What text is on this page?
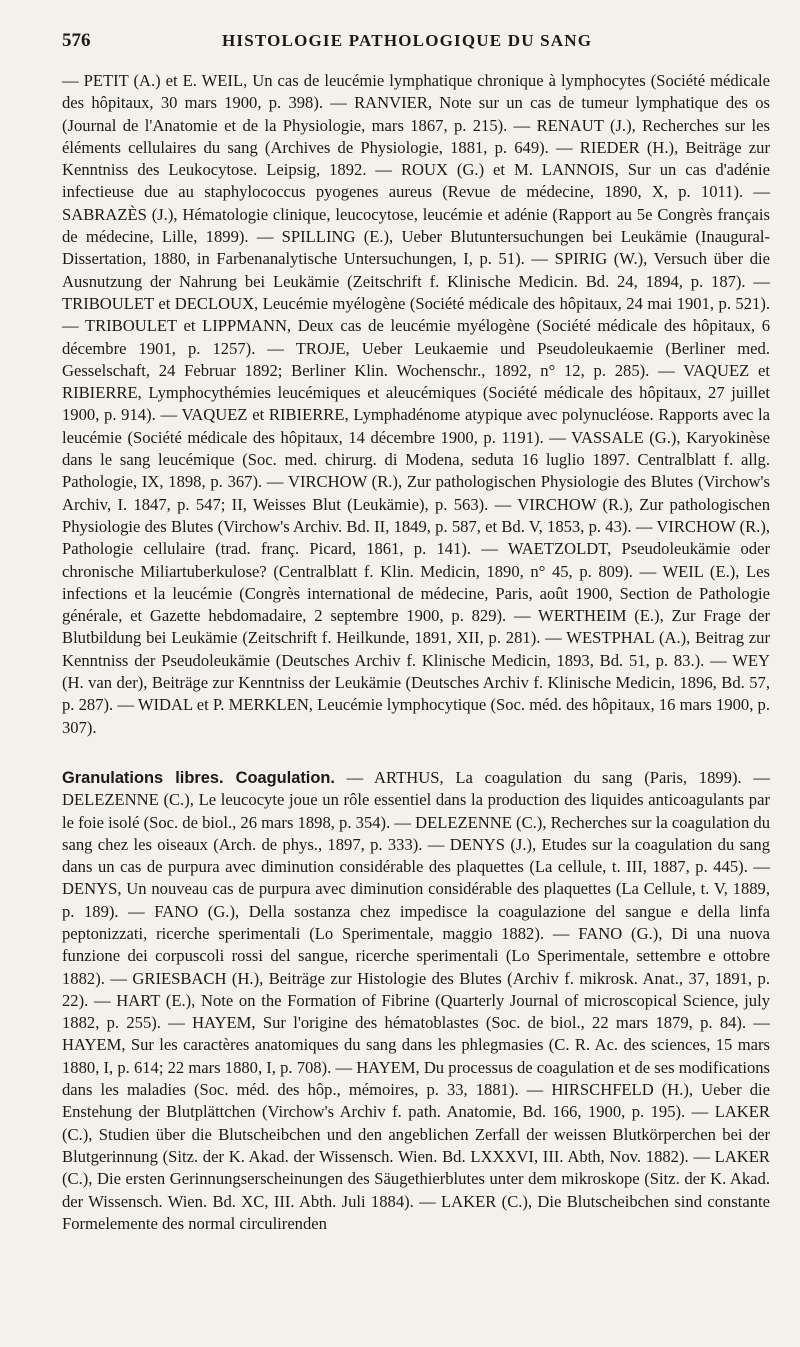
576	HISTOLOGIE PATHOLOGIQUE DU SANG

— PETIT (A.) et E. WEIL, Un cas de leucémie lymphatique chronique à lymphocytes (Société médicale des hôpitaux, 30 mars 1900, p. 398). — RANVIER, Note sur un cas de tumeur lymphatique des os (Journal de l'Anatomie et de la Physiologie, mars 1867, p. 215). — RENAUT (J.), Recherches sur les éléments cellulaires du sang (Archives de Physiologie, 1881, p. 649). — RIEDER (H.), Beiträge zur Kenntniss des Leukocytose. Leipsig, 1892. — ROUX (G.) et M. LANNOIS, Sur un cas d'adénie infectieuse due au staphylococcus pyogenes aureus (Revue de médecine, 1890, X, p. 1011). — SABRAZÈS (J.), Hématologie clinique, leucocytose, leucémie et adénie (Rapport au 5e Congrès français de médecine, Lille, 1899). — SPILLING (E.), Ueber Blutuntersuchungen bei Leukämie (Inaugural-Dissertation, 1880, in Farbenanalytische Untersuchungen, I, p. 51). — SPIRIG (W.), Versuch über die Ausnutzung der Nahrung bei Leukämie (Zeitschrift f. Klinische Medicin. Bd. 24, 1894, p. 187). — TRIBOULET et DECLOUX, Leucémie myélogène (Société médicale des hôpitaux, 24 mai 1901, p. 521). — TRIBOULET et LIPPMANN, Deux cas de leucémie myélogène (Société médicale des hôpitaux, 6 décembre 1901, p. 1257). — TROJE, Ueber Leukaemie und Pseudoleukaemie (Berliner med. Gesselschaft, 24 Februar 1892; Berliner Klin. Wochenschr., 1892, n° 12, p. 285). — VAQUEZ et RIBIERRE, Lymphocythémies leucémiques et aleucémiques (Société médicale des hôpitaux, 27 juillet 1900, p. 914). — VAQUEZ et RIBIERRE, Lymphadénome atypique avec polynucléose. Rapports avec la leucémie (Société médicale des hôpitaux, 14 décembre 1900, p. 1191). — VASSALE (G.), Karyokinèse dans le sang leucémique (Soc. med. chirurg. di Modena, seduta 16 luglio 1897. Centralblatt f. allg. Pathologie, IX, 1898, p. 367). — VIRCHOW (R.), Zur pathologischen Physiologie des Blutes (Virchow's Archiv, I. 1847, p. 547; II, Weisses Blut (Leukämie), p. 563). — VIRCHOW (R.), Zur pathologischen Physiologie des Blutes (Virchow's Archiv. Bd. II, 1849, p. 587, et Bd. V, 1853, p. 43). — VIRCHOW (R.), Pathologie cellulaire (trad. franç. Picard, 1861, p. 141). — WAETZOLDT, Pseudoleukämie oder chronische Miliartuberkulose? (Centralblatt f. Klin. Medicin, 1890, n° 45, p. 809). — WEIL (E.), Les infections et la leucémie (Congrès international de médecine, Paris, août 1900, Section de Pathologie générale, et Gazette hebdomadaire, 2 septembre 1900, p. 829). — WERTHEIM (E.), Zur Frage der Blutbildung bei Leukämie (Zeitschrift f. Heilkunde, 1891, XII, p. 281). — WESTPHAL (A.), Beitrag zur Kenntniss der Pseudoleukämie (Deutsches Archiv f. Klinische Medicin, 1893, Bd. 51, p. 83.). — WEY (H. van der), Beiträge zur Kenntniss der Leukämie (Deutsches Archiv f. Klinische Medicin, 1896, Bd. 57, p. 287). — WIDAL et P. MERKLEN, Leucémie lymphocytique (Soc. méd. des hôpitaux, 16 mars 1900, p. 307).

Granulations libres. Coagulation. — ARTHUS, La coagulation du sang (Paris, 1899). — DELEZENNE (C.), Le leucocyte joue un rôle essentiel dans la production des liquides anticoagulants par le foie isolé (Soc. de biol., 26 mars 1898, p. 354). — DELEZENNE (C.), Recherches sur la coagulation du sang chez les oiseaux (Arch. de phys., 1897, p. 333). — DENYS (J.), Etudes sur la coagulation du sang dans un cas de purpura avec diminution considérable des plaquettes (La cellule, t. III, 1887, p. 445). — DENYS, Un nouveau cas de purpura avec diminution considérable des plaquettes (La Cellule, t. V, 1889, p. 189). — FANO (G.), Della sostanza chez impedisce la coagulazione del sangue e della linfa peptonizzati, ricerche sperimentali (Lo Sperimentale, maggio 1882). — FANO (G.), Di una nuova funzione dei corpuscoli rossi del sangue, ricerche sperimentali (Lo Sperimentale, settembre e ottobre 1882). — GRIESBACH (H.), Beiträge zur Histologie des Blutes (Archiv f. mikrosk. Anat., 37, 1891, p. 22). — HART (E.), Note on the Formation of Fibrine (Quarterly Journal of microscopical Science, july 1882, p. 255). — HAYEM, Sur l'origine des hématoblastes (Soc. de biol., 22 mars 1879, p. 84). — HAYEM, Sur les caractères anatomiques du sang dans les phlegmasies (C. R. Ac. des sciences, 15 mars 1880, I, p. 614; 22 mars 1880, I, p. 708). — HAYEM, Du processus de coagulation et de ses modifications dans les maladies (Soc. méd. des hôp., mémoires, p. 33, 1881). — HIRSCHFELD (H.), Ueber die Enstehung der Blutplättchen (Virchow's Archiv f. path. Anatomie, Bd. 166, 1900, p. 195). — LAKER (C.), Studien über die Blutscheibchen und den angeblichen Zerfall der weissen Blutkörperchen bei der Blutgerinnung (Sitz. der K. Akad. der Wissensch. Wien. Bd. LXXXVI, III. Abth, Nov. 1882). — LAKER (C.), Die ersten Gerinnungserscheinungen des Säugethierblutes unter dem mikroskope (Sitz. der K. Akad. der Wissensch. Wien. Bd. XC, III. Abth. Juli 1884). — LAKER (C.), Die Blutscheibchen sind constante Formelemente des normal circulirenden
